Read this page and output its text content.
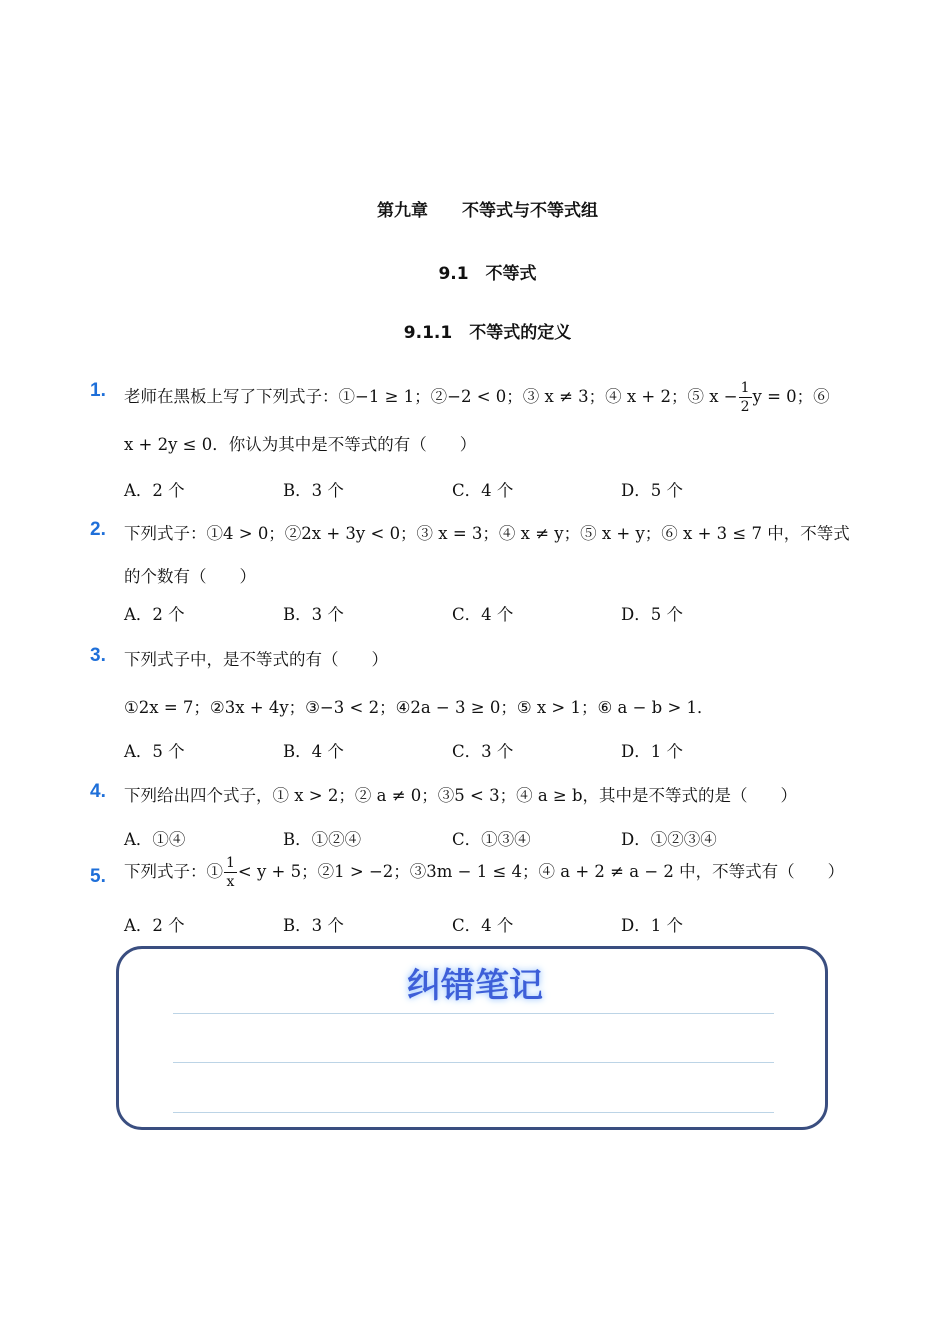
第九章　　不等式与不等式组
9.1　不等式
9.1.1　不等式的定义
1. 老师在黑板上写了下列式子：①−1 ≥ 1；②−2 < 0；③ x ≠ 3；④ x + 2；⑤ $x - \frac{1}{2}$ y = 0；⑥
x + 2y ≤ 0．你认为其中是不等式的有（　　）
A．2 个	B．3 个	C．4 个	D．5 个
2. 下列式子：①4 > 0；②2x + 3y < 0；③ x = 3；④ x ≠ y；⑤ x + y；⑥ x + 3 ≤ 7 中，不等式
的个数有（　　）
A．2 个	B．3 个	C．4 个	D．5 个
3. 下列式子中，是不等式的有（　　）
①2x = 7；②3x + 4y；③−3 < 2；④2a − 3 ≥ 0；⑤ x > 1；⑥ a − b > 1．
A．5 个	B．4 个	C．3 个	D．1 个
4. 下列给出四个式子，① x > 2；② a ≠ 0；③5 < 3；④ a ≥ b，其中是不等式的是（　　）
A．①④	B．①②④	C．①③④	D．①②③④
5. 下列式子：① $\frac{1}{x} < y + 5$；②1 > −2；③3m − 1 ≤ 4；④ a + 2 ≠ a − 2 中，不等式有（　　）
A．2 个	B．3 个	C．4 个	D．1 个
纠错笔记
